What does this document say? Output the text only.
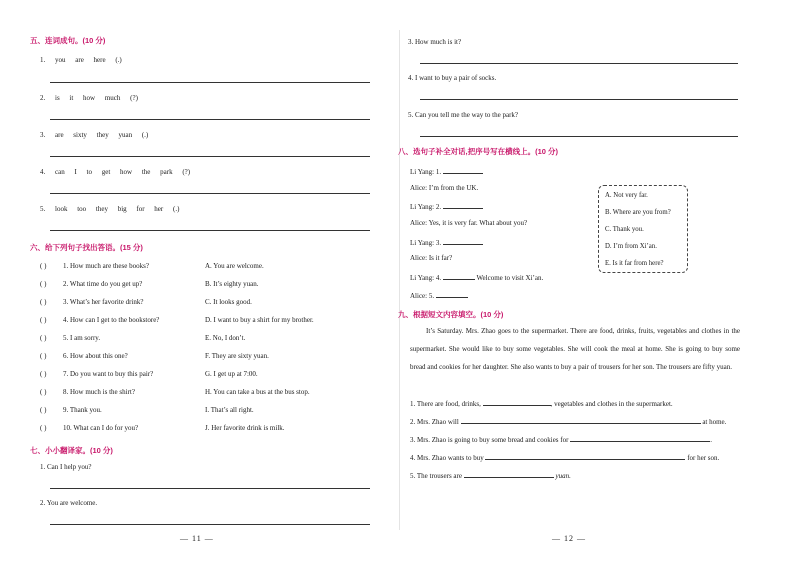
五、连词成句。(10 分)
1. you are here (.)
2. is it how much (?)
3. are sixty they yuan (.)
4. can I to get how the park (?)
5. look too they big for her (.)
六、给下列句子找出答语。(15 分)
( ) 1. How much are these books?	A. You are welcome.
( ) 2. What time do you get up?	B. It’s eighty yuan.
( ) 3. What’s her favorite drink?	C. It looks good.
( ) 4. How can I get to the bookstore?	D. I want to buy a shirt for my brother.
( ) 5. I am sorry.	E. No, I don’t.
( ) 6. How about this one?	F. They are sixty yuan.
( ) 7. Do you want to buy this pair?	G. I get up at 7:00.
( ) 8. How much is the shirt?	H. You can take a bus at the bus stop.
( ) 9. Thank you.	I. That’s all right.
( ) 10. What can I do for you?	J. Her favorite drink is milk.
七、小小翻译家。(10 分)
1. Can I help you?
2. You are welcome.
— 11 —
3. How much is it?
4. I want to buy a pair of socks.
5. Can you tell me the way to the park?
八、选句子补全对话,把序号写在横线上。(10 分)
Li Yang: 1.
Alice: I’m from the UK.
Li Yang: 2.
Alice: Yes, it is very far. What about you?
Li Yang: 3.
Alice: Is it far?
Li Yang: 4.	Welcome to visit Xi’an.
Alice: 5.
A. Not very far.
B. Where are you from?
C. Thank you.
D. I’m from Xi’an.
E. Is it far from here?
九、根据短文内容填空。(10 分)
It’s Saturday. Mrs. Zhao goes to the supermarket. There are food, drinks, fruits, vegetables and clothes in the supermarket. She would like to buy some vegetables. She will cook the meal at home. She is going to buy some bread and cookies for her daughter. She also wants to buy a pair of trousers for her son. The trousers are fifty yuan.
1. There are food, drinks,	, vegetables and clothes in the supermarket.
2. Mrs. Zhao will	at home.
3. Mrs. Zhao is going to buy some bread and cookies for	.
4. Mrs. Zhao wants to buy	for her son.
5. The trousers are	yuan.
— 12 —
